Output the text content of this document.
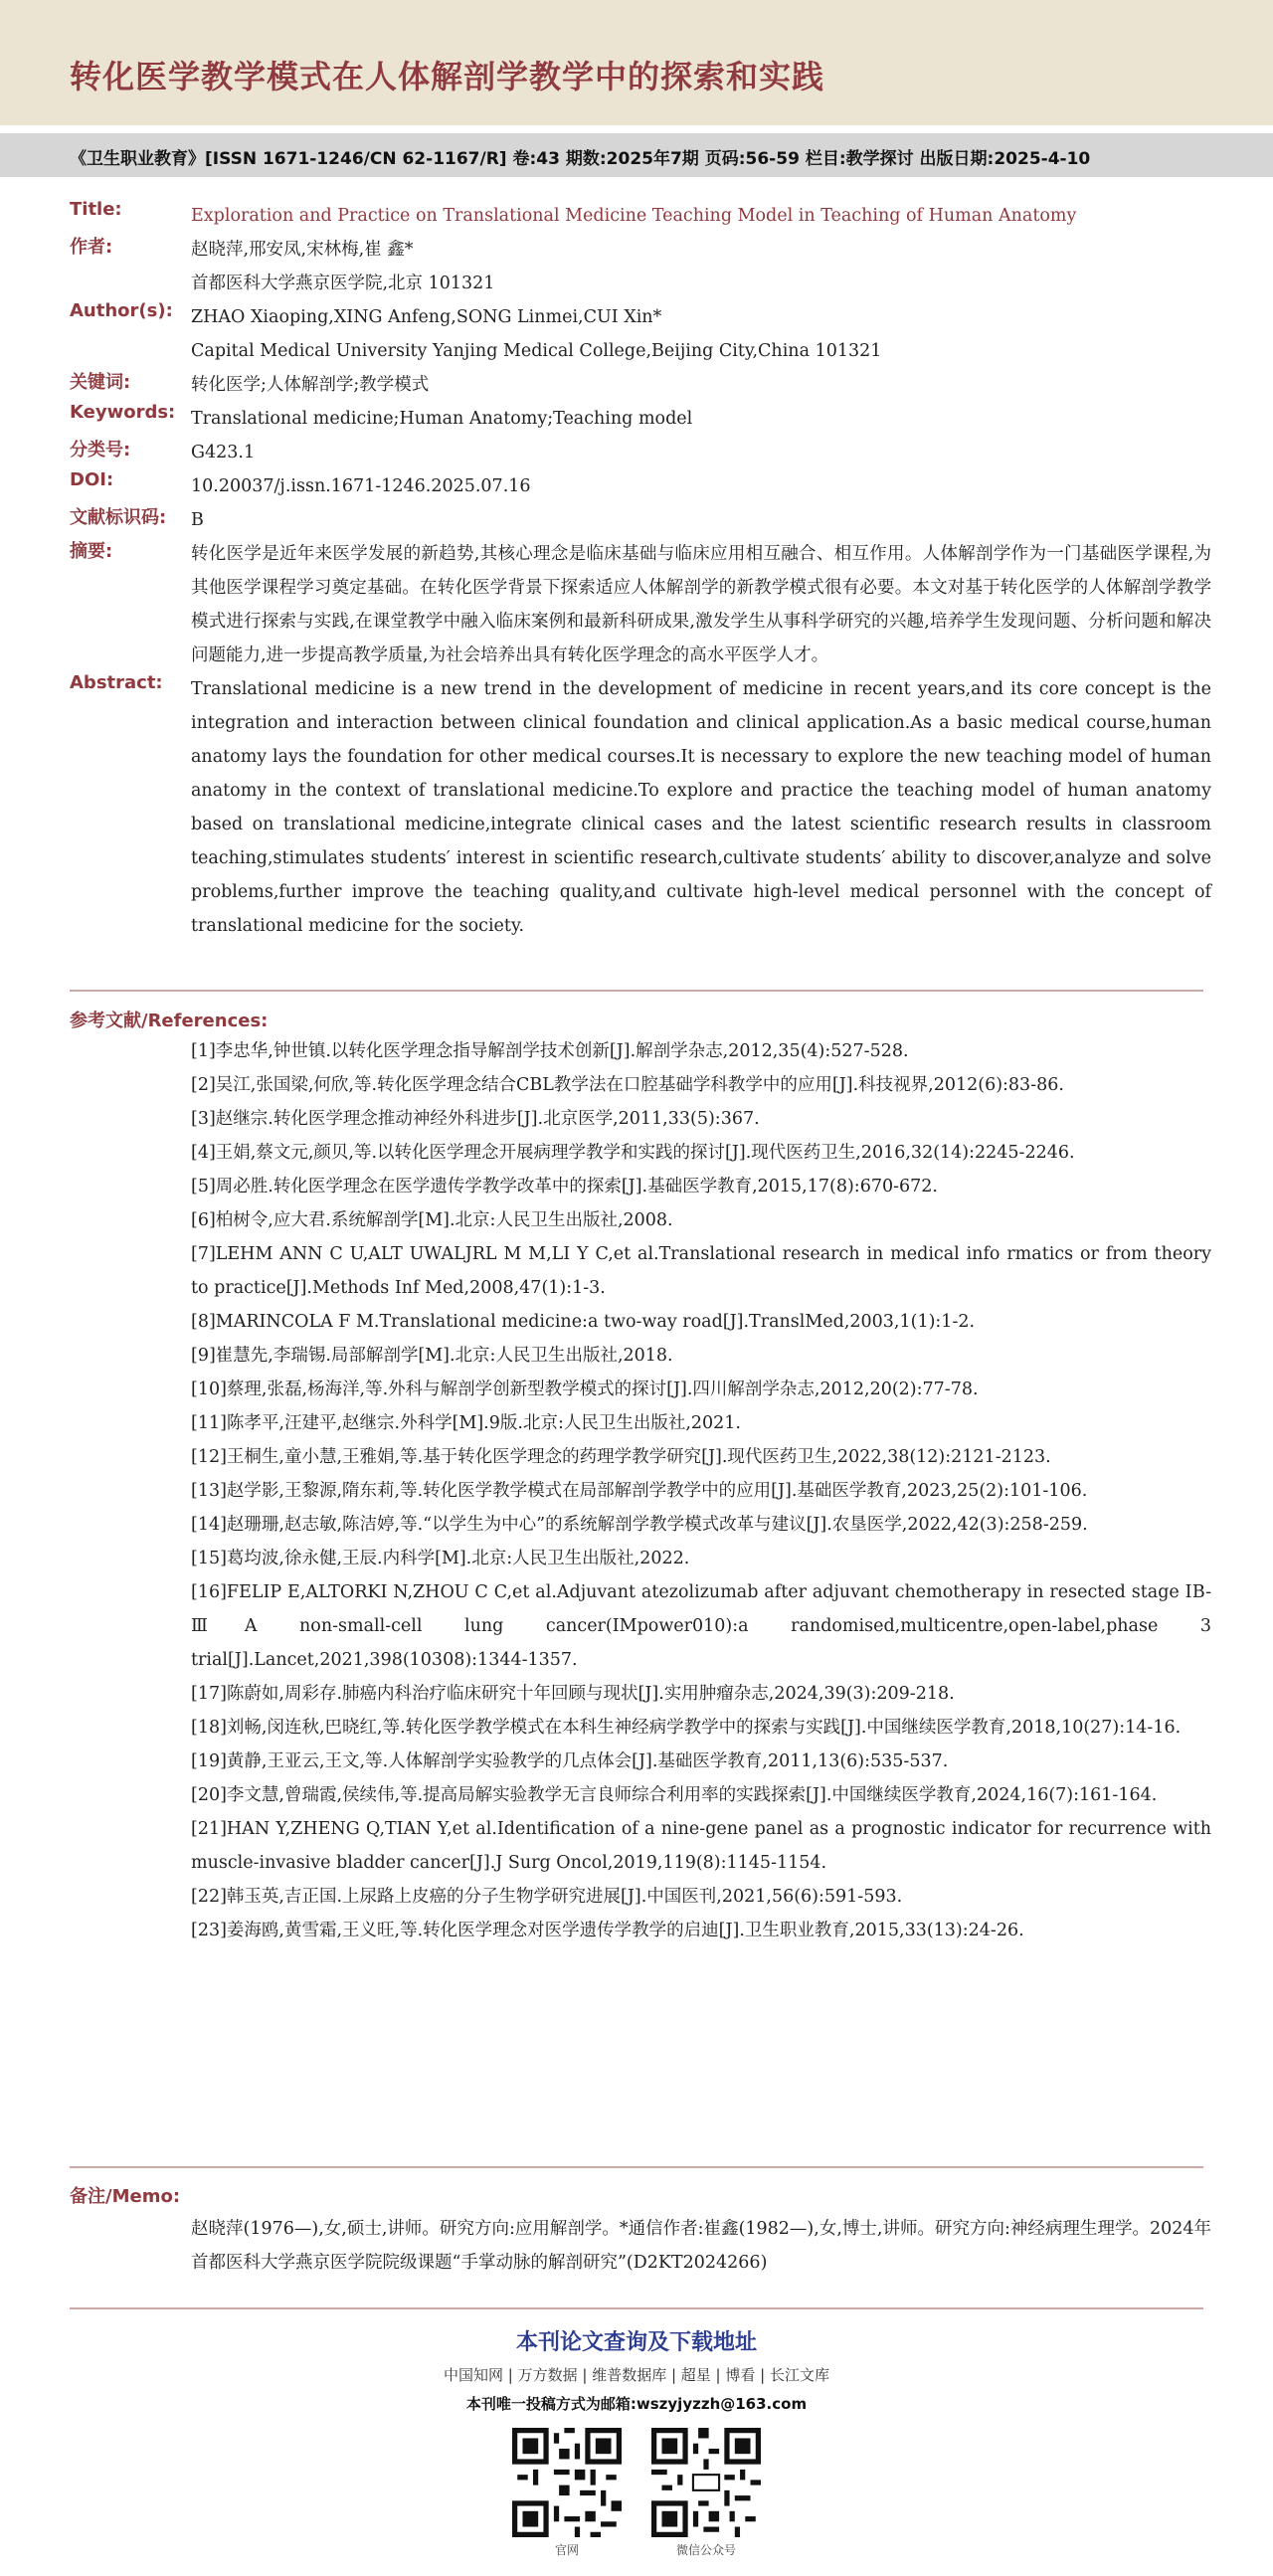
转化医学教学模式在人体解剖学教学中的探索和实践
《卫生职业教育》[ISSN 1671-1246/CN 62-1167/R] 卷:43 期数:2025年7期 页码:56-59 栏目:教学探讨 出版日期:2025-4-10
Title:	Exploration and Practice on Translational Medicine Teaching Model in Teaching of Human Anatomy
作者:	赵晓萍,邢安凤,宋林梅,崔 鑫*
首都医科大学燕京医学院,北京 101321
Author(s): ZHAO Xiaoping,XING Anfeng,SONG Linmei,CUI Xin*
Capital Medical University Yanjing Medical College,Beijing City,China 101321
关键词:	转化医学;人体解剖学;教学模式
Keywords: Translational medicine;Human Anatomy;Teaching model
分类号:	G423.1
DOI:	10.20037/j.issn.1671-1246.2025.07.16
文献标识码: B
摘要:	转化医学是近年来医学发展的新趋势,其核心理念是临床基础与临床应用相互融合、相互作用。人体解剖学作为一门基础医学课程,为其他医学课程学习奠定基础。在转化医学背景下探索适应人体解剖学的新教学模式很有必要。本文对基于转化医学的人体解剖学教学模式进行探索与实践,在课堂教学中融入临床案例和最新科研成果,激发学生从事科学研究的兴趣,培养学生发现问题、分析问题和解决问题能力,进一步提高教学质量,为社会培养出具有转化医学理念的高水平医学人才。
Abstract: Translational medicine is a new trend in the development of medicine in recent years,and its core concept is the integration and interaction between clinical foundation and clinical application.As a basic medical course,human anatomy lays the foundation for other medical courses.It is necessary to explore the new teaching model of human anatomy in the context of translational medicine.To explore and practice the teaching model of human anatomy based on translational medicine,integrate clinical cases and the latest scientific research results in classroom teaching,stimulates students′ interest in scientific research,cultivate students′ ability to discover,analyze and solve problems,further improve the teaching quality,and cultivate high-level medical personnel with the concept of translational medicine for the society.
参考文献/References:
[1]李忠华,钟世镇.以转化医学理念指导解剖学技术创新[J].解剖学杂志,2012,35(4):527-528.
[2]吴江,张国梁,何欣,等.转化医学理念结合CBL教学法在口腔基础学科教学中的应用[J].科技视界,2012(6):83-86.
[3]赵继宗.转化医学理念推动神经外科进步[J].北京医学,2011,33(5):367.
[4]王娟,蔡文元,颜贝,等.以转化医学理念开展病理学教学和实践的探讨[J].现代医药卫生,2016,32(14):2245-2246.
[5]周必胜.转化医学理念在医学遗传学教学改革中的探索[J].基础医学教育,2015,17(8):670-672.
[6]柏树令,应大君.系统解剖学[M].北京:人民卫生出版社,2008.
[7]LEHM ANN C U,ALT UWALJRL M M,LI Y C,et al.Translational research in medical info rmatics or from theory to practice[J].Methods Inf Med,2008,47(1):1-3.
[8]MARINCOLA F M.Translational medicine:a two-way road[J].TranslMed,2003,1(1):1-2.
[9]崔慧先,李瑞锡.局部解剖学[M].北京:人民卫生出版社,2018.
[10]蔡理,张磊,杨海洋,等.外科与解剖学创新型教学模式的探讨[J].四川解剖学杂志,2012,20(2):77-78.
[11]陈孝平,汪建平,赵继宗.外科学[M].9版.北京:人民卫生出版社,2021.
[12]王桐生,童小慧,王雅娟,等.基于转化医学理念的药理学教学研究[J].现代医药卫生,2022,38(12):2121-2123.
[13]赵学影,王黎源,隋东莉,等.转化医学教学模式在局部解剖学教学中的应用[J].基础医学教育,2023,25(2):101-106.
[14]赵珊珊,赵志敏,陈洁婷,等.“以学生为中心”的系统解剖学教学模式改革与建议[J].农垦医学,2022,42(3):258-259.
[15]葛均波,徐永健,王辰.内科学[M].北京:人民卫生出版社,2022.
[16]FELIP E,ALTORKI N,ZHOU C C,et al.Adjuvant atezolizumab after adjuvant chemotherapy in resected stage ⅠB-ⅢA non-small-cell lung cancer(IMpower010):a randomised,multicentre,open-label,phase 3 trial[J].Lancet,2021,398(10308):1344-1357.
[17]陈蔚如,周彩存.肺癌内科治疗临床研究十年回顾与现状[J].实用肿瘤杂志,2024,39(3):209-218.
[18]刘畅,闵连秋,巴晓红,等.转化医学教学模式在本科生神经病学教学中的探索与实践[J].中国继续医学教育,2018,10(27):14-16.
[19]黄静,王亚云,王文,等.人体解剖学实验教学的几点体会[J].基础医学教育,2011,13(6):535-537.
[20]李文慧,曾瑞霞,侯续伟,等.提高局解实验教学无言良师综合利用率的实践探索[J].中国继续医学教育,2024,16(7):161-164.
[21]HAN Y,ZHENG Q,TIAN Y,et al.Identification of a nine-gene panel as a prognostic indicator for recurrence with muscle-invasive bladder cancer[J].J Surg Oncol,2019,119(8):1145-1154.
[22]韩玉英,吉正国.上尿路上皮癌的分子生物学研究进展[J].中国医刊,2021,56(6):591-593.
[23]姜海鸥,黄雪霜,王义旺,等.转化医学理念对医学遗传学教学的启迪[J].卫生职业教育,2015,33(13):24-26.
备注/Memo:
赵晓萍(1976—),女,硕士,讲师。研究方向:应用解剖学。*通信作者:崔鑫(1982—),女,博士,讲师。研究方向:神经病理生理学。2024年首都医科大学燕京医学院院级课题“手掌动脉的解剖研究”(D2KT2024266)
本刊论文查询及下载地址
中国知网 | 万方数据 | 维普数据库 | 超星 | 博看 | 长江文库
本刊唯一投稿方式为邮箱:wszyjyzzh@163.com
官网	微信公众号
